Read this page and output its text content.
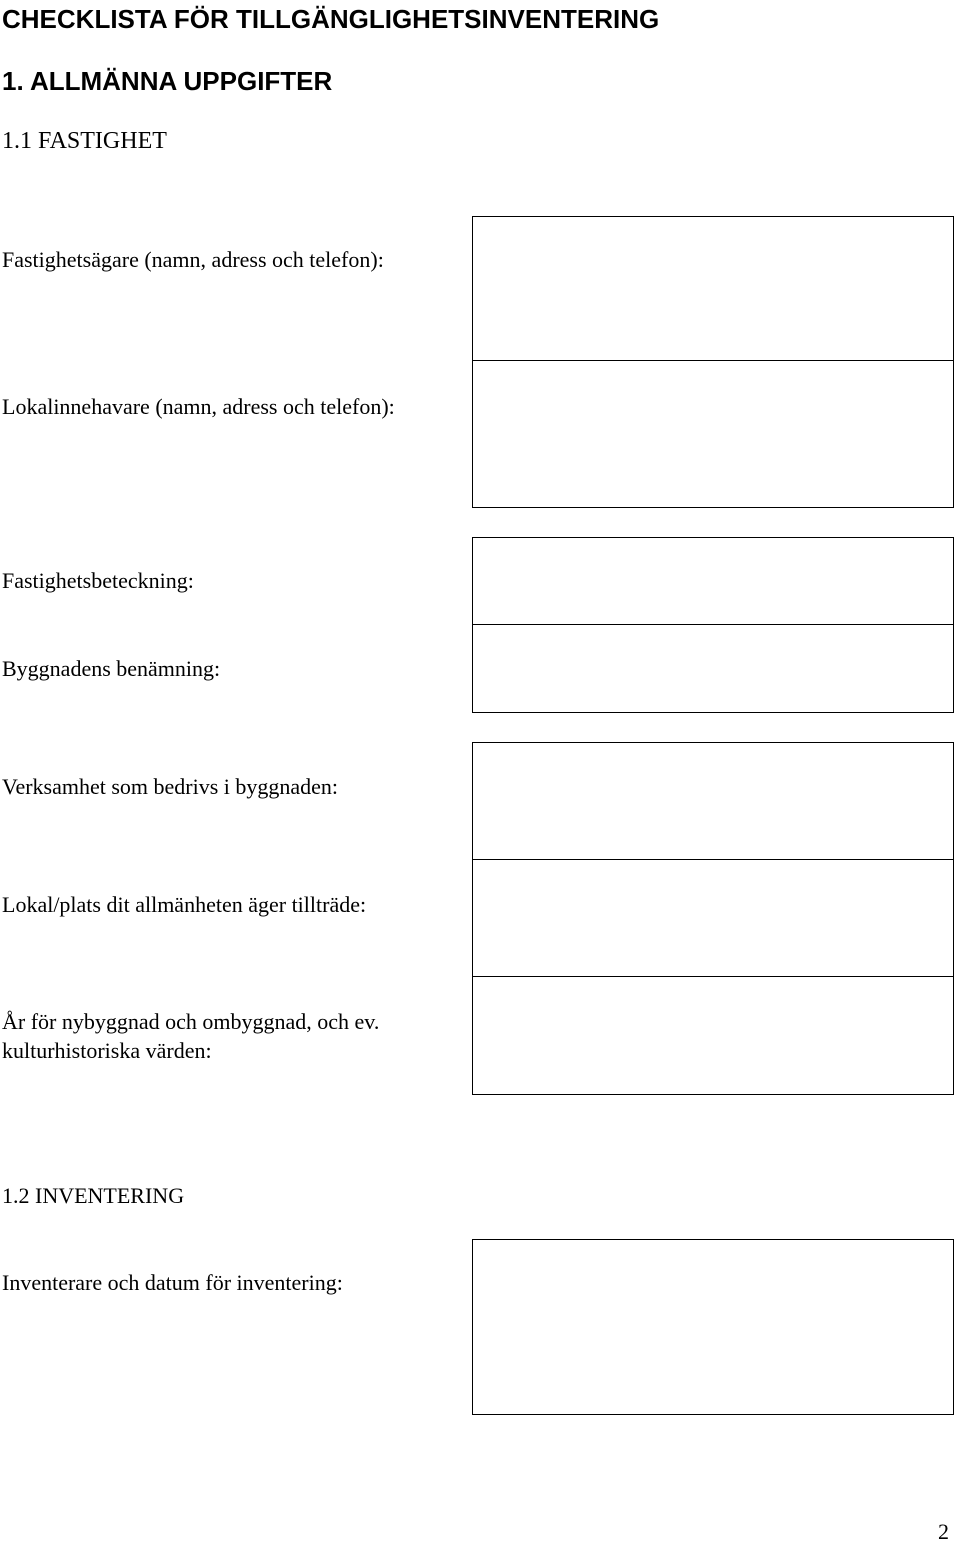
CHECKLISTA FÖR TILLGÄNGLIGHETSINVENTERING
1. ALLMÄNNA UPPGIFTER
1.1 FASTIGHET
Fastighetsägare (namn, adress och telefon):
Lokalinnehavare (namn, adress och telefon):
Fastighetsbeteckning:
Byggnadens benämning:
Verksamhet som bedrivs i byggnaden:
Lokal/plats dit allmänheten äger tillträde:
År för nybyggnad och ombyggnad, och ev.
kulturhistoriska värden:
1.2 INVENTERING
Inventerare och datum för inventering:
2
